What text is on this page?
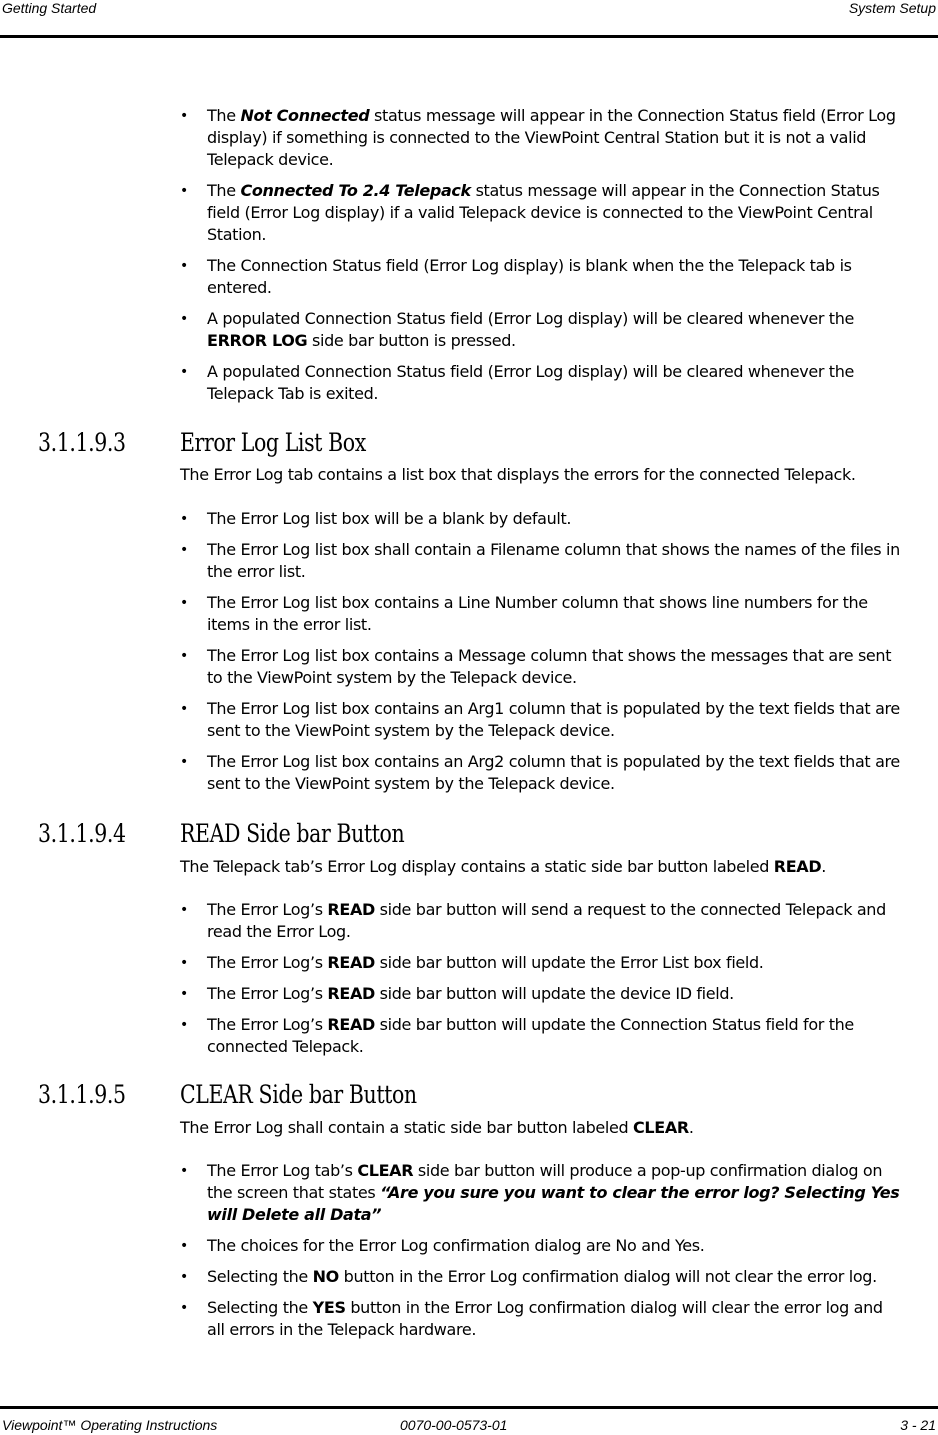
Getting Started	System Setup
• The Not Connected status message will appear in the Connection Status field (Error Log display) if something is connected to the ViewPoint Central Station but it is not a valid Telepack device.
• The Connected To 2.4 Telepack status message will appear in the Connection Status field (Error Log display) if a valid Telepack device is connected to the ViewPoint Central Station.
• The Connection Status field (Error Log display) is blank when the the Telepack tab is entered.
• A populated Connection Status field (Error Log display) will be cleared whenever the ERROR LOG side bar button is pressed.
• A populated Connection Status field (Error Log display) will be cleared whenever the Telepack Tab is exited.
3.1.1.9.3 Error Log List Box
The Error Log tab contains a list box that displays the errors for the connected Telepack.
• The Error Log list box will be a blank by default.
• The Error Log list box shall contain a Filename column that shows the names of the files in the error list.
• The Error Log list box contains a Line Number column that shows line numbers for the items in the error list.
• The Error Log list box contains a Message column that shows the messages that are sent to the ViewPoint system by the Telepack device.
• The Error Log list box contains an Arg1 column that is populated by the text fields that are sent to the ViewPoint system by the Telepack device.
• The Error Log list box contains an Arg2 column that is populated by the text fields that are sent to the ViewPoint system by the Telepack device.
3.1.1.9.4 READ Side bar Button
The Telepack tab’s Error Log display contains a static side bar button labeled READ.
• The Error Log’s READ side bar button will send a request to the connected Telepack and read the Error Log.
• The Error Log’s READ side bar button will update the Error List box field.
• The Error Log’s READ side bar button will update the device ID field.
• The Error Log’s READ side bar button will update the Connection Status field for the connected Telepack.
3.1.1.9.5 CLEAR Side bar Button
The Error Log shall contain a static side bar button labeled CLEAR.
• The Error Log tab’s CLEAR side bar button will produce a pop-up confirmation dialog on the screen that states “Are you sure you want to clear the error log? Selecting Yes will Delete all Data”
• The choices for the Error Log confirmation dialog are No and Yes.
• Selecting the NO button in the Error Log confirmation dialog will not clear the error log.
• Selecting the YES button in the Error Log confirmation dialog will clear the error log and all errors in the Telepack hardware.
Viewpoint™ Operating Instructions	0070-00-0573-01	3 - 21
